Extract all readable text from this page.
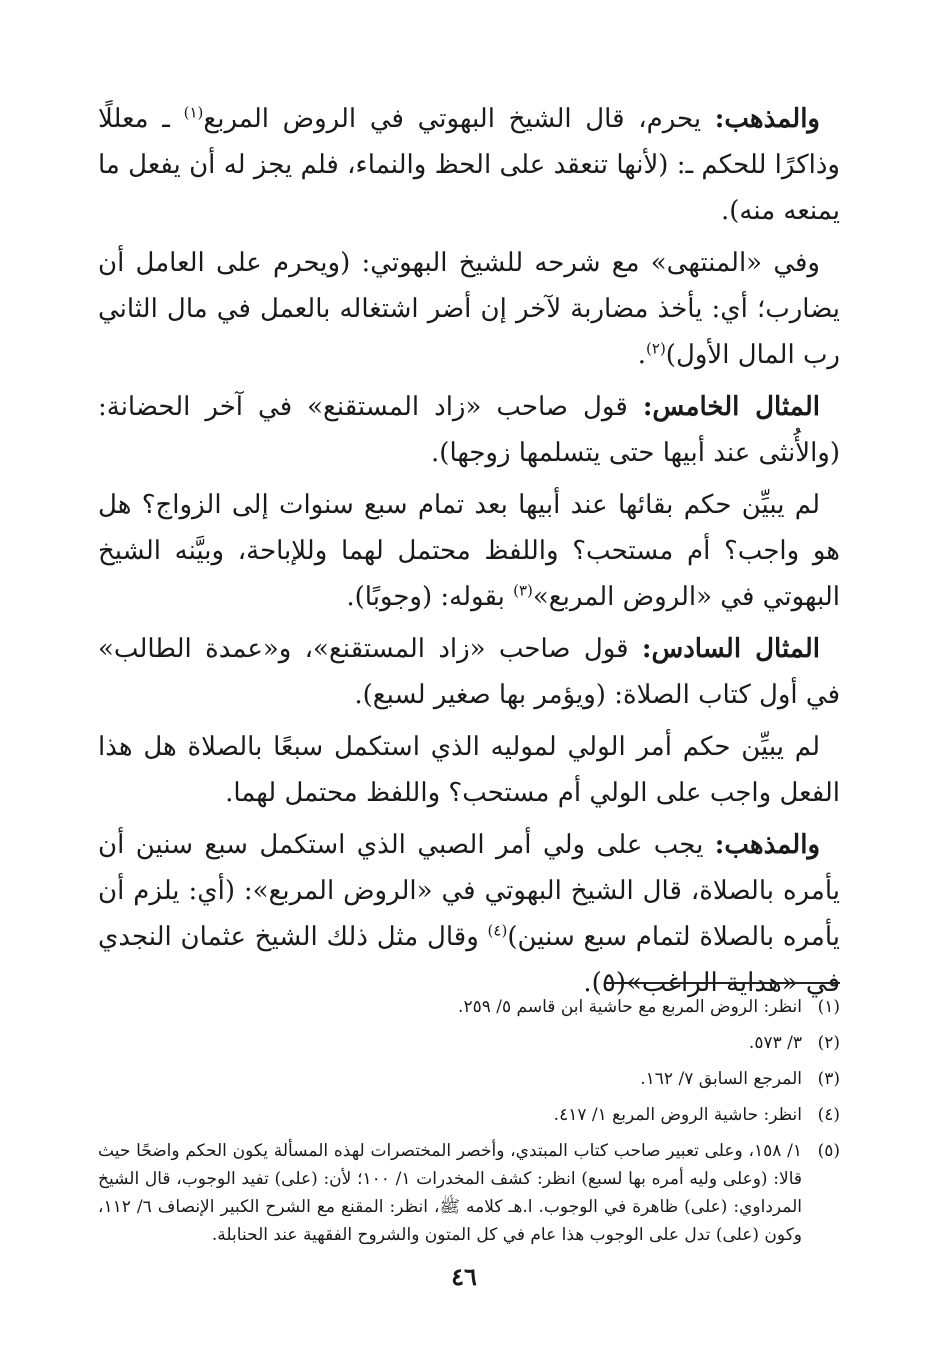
والمذهب: يحرم، قال الشيخ البهوتي في الروض المربع$^{(١)}$ ـ معللًا وذاكرًا للحكم ـ: (لأنها تنعقد على الحظ والنماء، فلم يجز له أن يفعل ما يمنعه منه).

وفي «المنتهى» مع شرحه للشيخ البهوتي: (ويحرم على العامل أن يضارب؛ أي: يأخذ مضاربة لآخر إن أضر اشتغاله بالعمل في مال الثاني رب المال الأول)$^{(٢)}$.

المثال الخامس: قول صاحب «زاد المستقنع» في آخر الحضانة: (والأُنثى عند أبيها حتى يتسلمها زوجها).

لم يبيِّن حكم بقائها عند أبيها بعد تمام سبع سنوات إلى الزواج؟ هل هو واجب؟ أم مستحب؟ واللفظ محتمل لهما وللإباحة، وبيَّنه الشيخ البهوتي في «الروض المربع»$^{(٣)}$ بقوله: (وجوبًا).

المثال السادس: قول صاحب «زاد المستقنع»، و«عمدة الطالب» في أول كتاب الصلاة: (ويؤمر بها صغير لسبع).

لم يبيِّن حكم أمر الولي لموليه الذي استكمل سبعًا بالصلاة هل هذا الفعل واجب على الولي أم مستحب؟ واللفظ محتمل لهما.

والمذهب: يجب على ولي أمر الصبي الذي استكمل سبع سنين أن يأمره بالصلاة، قال الشيخ البهوتي في «الروض المربع»: (أي: يلزم أن يأمره بالصلاة لتمام سبع سنين)$^{(٤)}$ وقال مثل ذلك الشيخ عثمان النجدي في «هداية الراغب»(٥).

(١)
انظر: الروض المربع مع حاشية ابن قاسم ٥/ ٢٥٩.
(٢)
٣/ ٥٧٣.
(٣)
المرجع السابق ٧/ ١٦٢.
(٤)
انظر: حاشية الروض المربع ١/ ٤١٧.
(٥)
١/ ١٥٨، وعلى تعبير صاحب كتاب المبتدي، وأخصر المختصرات لهذه المسألة يكون الحكم واضحًا حيث قالا: (وعلى وليه أمره بها لسبع) انظر: كشف المخدرات ١/ ١٠٠؛ لأن: (على) تفيد الوجوب، قال الشيخ المرداوي: (على) ظاهرة في الوجوب. ا.هـ كلامه ﷺ، انظر: المقنع مع الشرح الكبير الإنصاف ٦/ ١١٢، وكون (على) تدل على الوجوب هذا عام في كل المتون والشروح الفقهية عند الحنابلة.
٤٦
